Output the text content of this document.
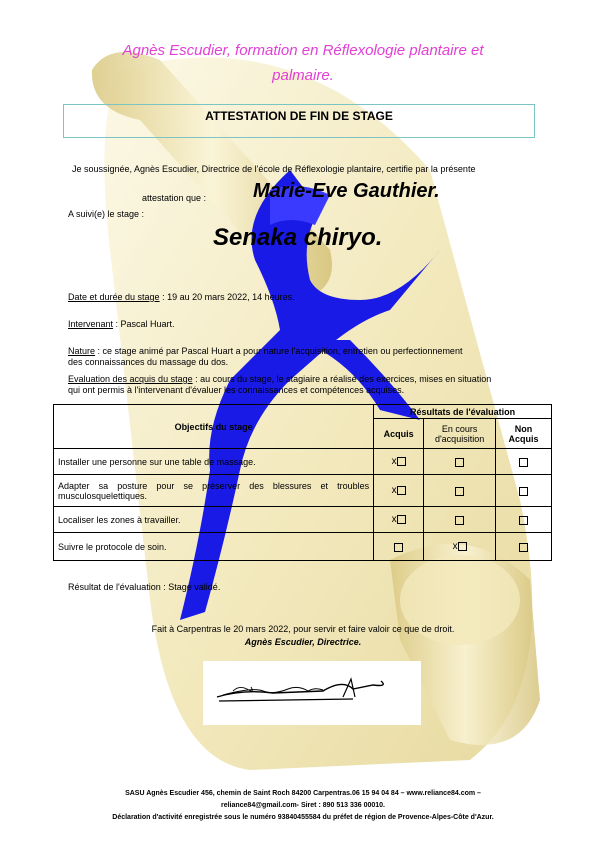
Agnès Escudier, formation en Réflexologie plantaire et
palmaire.
ATTESTATION DE FIN DE STAGE
Je soussignée, Agnès Escudier, Directrice de l'école de Réflexologie plantaire, certifie par la présente
attestation que : Marie-Eve Gauthier.
A suivi(e) le stage :
Senaka chiryo.
Date et durée du stage : 19 au 20 mars 2022, 14 heures.
Intervenant : Pascal Huart.
Nature : ce stage animé par Pascal Huart a pour nature l'acquisition, entretien ou perfectionnement
des connaissances du massage du dos.
Evaluation des acquis du stage : au cours du stage, le stagiaire a réalisé des exercices, mises en situation
qui ont permis à l'intervenant d'évaluer les connaissances et compétences acquises.
Objectifs du stage	Résultats de l'évaluation		
	Acquis	En cours d'acquisition	Non Acquis
Installer une personne sur une table de massage.	x		
Adapter sa posture pour se préserver des blessures et troubles musculosquelettiques.	x		
Localiser les zones à travailler.	x		
Suivre le protocole de soin.		x	
Résultat de l'évaluation : Stage validé.
Fait à Carpentras le 20 mars 2022, pour servir et faire valoir ce que de droit.
Agnès Escudier, Directrice.
SASU Agnès Escudier 456, chemin de Saint Roch 84200 Carpentras.06 15 94 04 84 – www.reliance84.com –
reliance84@gmail.com- Siret : 890 513 336 00010.
Déclaration d'activité enregistrée sous le numéro 93840455584 du préfet de région de Provence-Alpes-Côte d'Azur.
